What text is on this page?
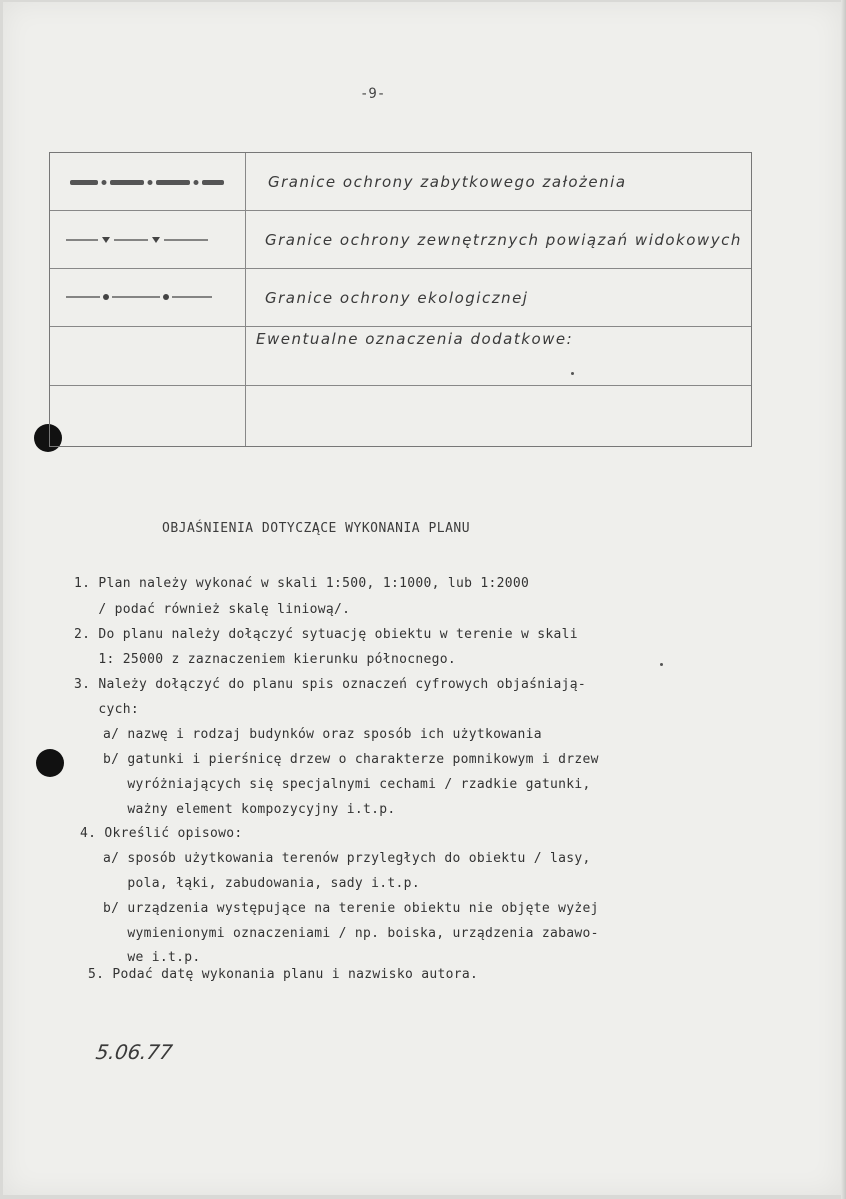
-9-
Granice ochrony zabytkowego założenia
Granice ochrony zewnętrznych powiązań widokowych
Granice ochrony ekologicznej
Ewentualne oznaczenia dodatkowe:
OBJAŚNIENIA DOTYCZĄCE WYKONANIA PLANU
1. Plan należy wykonać w skali 1:500, 1:1000, lub 1:2000
/ podać również skalę liniową/.
2. Do planu należy dołączyć sytuację obiektu w terenie w skali
1: 25000 z zaznaczeniem kierunku północnego.
3. Należy dołączyć do planu spis oznaczeń cyfrowych objaśniają-
cych:
a/ nazwę i rodzaj budynków oraz sposób ich użytkowania
b/ gatunki i pierśnicę drzew o charakterze pomnikowym i drzew
wyróżniających się specjalnymi cechami / rzadkie gatunki,
ważny element kompozycyjny i.t.p.
4. Określić opisowo:
a/ sposób użytkowania terenów przyległych do obiektu / lasy,
pola, łąki, zabudowania, sady i.t.p.
b/ urządzenia występujące na terenie obiektu nie objęte wyżej
wymienionymi oznaczeniami / np. boiska, urządzenia zabawo-
we i.t.p.
5. Podać datę wykonania planu i nazwisko autora.
5.06.77
